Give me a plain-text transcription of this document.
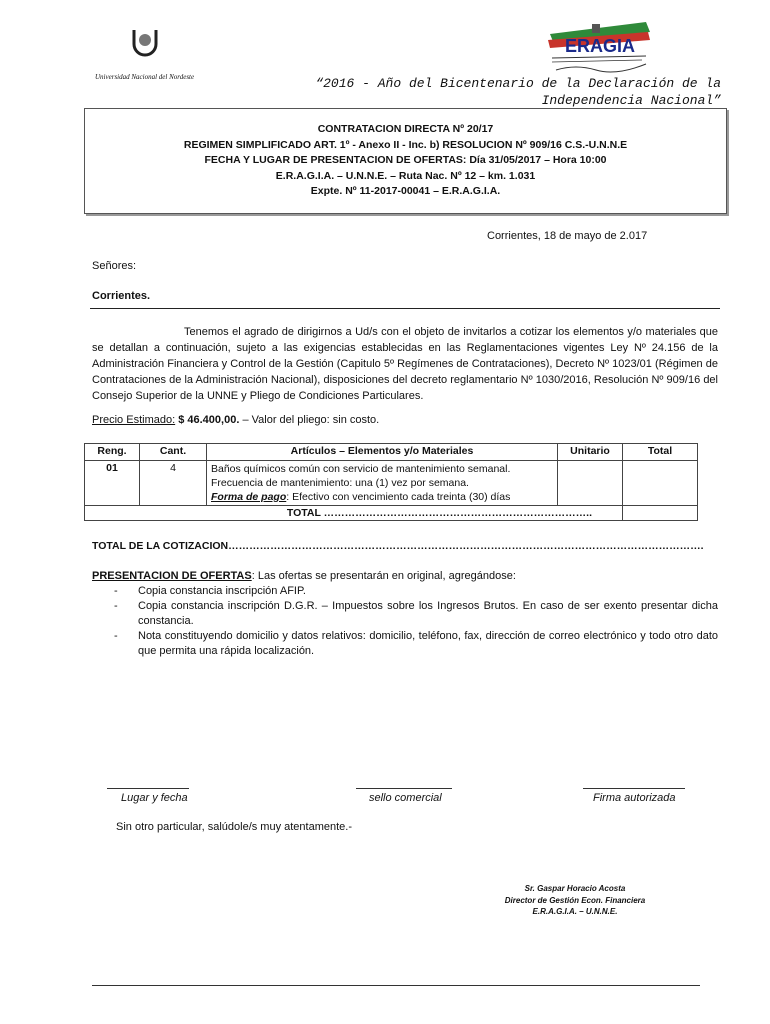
Universidad Nacional del Nordeste
ERAGIA
“2016 - Año del Bicentenario de la Declaración de la
Independencia Nacional”
CONTRATACION DIRECTA Nº 20/17
REGIMEN SIMPLIFICADO ART. 1º - Anexo II - Inc. b) RESOLUCION Nº 909/16 C.S.-U.N.N.E
FECHA Y LUGAR DE PRESENTACION DE OFERTAS: Día 31/05/2017 – Hora 10:00
E.R.A.G.I.A. – U.N.N.E. – Ruta Nac. Nº 12 – km. 1.031
Expte. Nº 11-2017-00041 – E.R.A.G.I.A.
Corrientes, 18 de mayo de 2.017
Señores:
Corrientes.
Tenemos el agrado de dirigirnos a Ud/s con el objeto de invitarlos a cotizar los elementos y/o materiales que se detallan a continuación, sujeto a las exigencias establecidas en las Reglamentaciones vigentes Ley Nº 24.156 de la Administración Financiera y Control de la Gestión (Capitulo 5º Regímenes de Contrataciones), Decreto Nº 1023/01 (Régimen de Contrataciones de la Administración Nacional), disposiciones del decreto reglamentario Nº 1030/2016, Resolución Nº 909/16 del Consejo Superior de la UNNE y Pliego de Condiciones Particulares.
Precio Estimado: $ 46.400,00. – Valor del pliego: sin costo.
Reng.	Cant.	Artículos – Elementos y/o Materiales	Unitario	Total
01	4	Baños químicos común con servicio de mantenimiento semanal.
Frecuencia de mantenimiento: una (1) vez por semana.
Forma de pago: Efectivo con vencimiento cada treinta (30) días		

TOTAL …………………………………………………………………..				
TOTAL DE LA COTIZACION……………………………………………………………………………………………………………………….
PRESENTACION DE OFERTAS: Las ofertas se presentarán en original, agregándose:
- Copia constancia inscripción AFIP.
- Copia constancia inscripción D.G.R. – Impuestos sobre los Ingresos Brutos. En caso de ser exento presentar dicha constancia.
- Nota constituyendo domicilio y datos relativos: domicilio, teléfono, fax, dirección de correo electrónico y todo otro dato que permita una rápida localización.
Lugar y fecha	sello comercial	Firma autorizada
Sin otro particular, salúdole/s muy atentamente.-
Sr. Gaspar Horacio Acosta
Director de Gestión Econ. Financiera
E.R.A.G.I.A. – U.N.N.E.
